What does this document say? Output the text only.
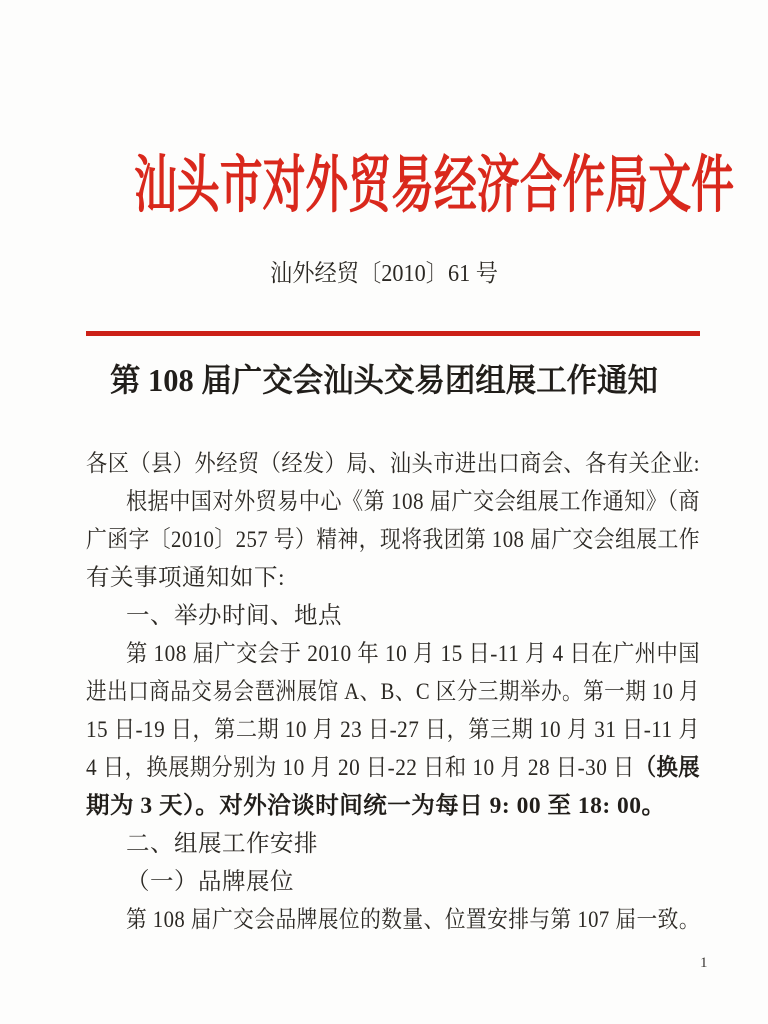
汕头市对外贸易经济合作局文件
汕外经贸〔2010〕61 号
第 108 届广交会汕头交易团组展工作通知
各区（县）外经贸（经发）局、汕头市进出口商会、各有关企业:
根据中国对外贸易中心《第 108 届广交会组展工作通知》（商
广函字〔2010〕257 号）精神，现将我团第 108 届广交会组展工作
有关事项通知如下:
一、举办时间、地点
第 108 届广交会于 2010 年 10 月 15 日-11 月 4 日在广州中国
进出口商品交易会琶洲展馆 A、B、C 区分三期举办。第一期 10 月
15 日-19 日，第二期 10 月 23 日-27 日，第三期 10 月 31 日-11 月
4 日，换展期分别为 10 月 20 日-22 日和 10 月 28 日-30 日（换展
期为 3 天）。对外洽谈时间统一为每日 9: 00 至 18: 00。
二、组展工作安排
（一）品牌展位
第 108 届广交会品牌展位的数量、位置安排与第 107 届一致。
1
